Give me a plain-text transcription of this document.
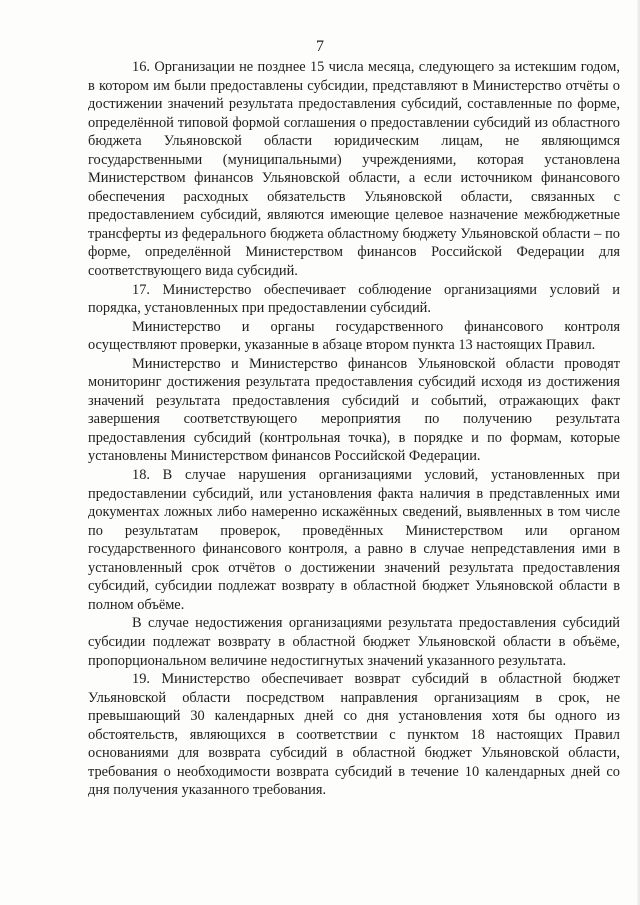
7

16. Организации не позднее 15 числа месяца, следующего за истекшим годом, в котором им были предоставлены субсидии, представляют в Министерство отчёты о достижении значений результата предоставления субсидий, составленные по форме, определённой типовой формой соглашения о предоставлении субсидий из областного бюджета Ульяновской области юридическим лицам, не являющимся государственными (муниципальными) учреждениями, которая установлена Министерством финансов Ульяновской области, а если источником финансового обеспечения расходных обязательств Ульяновской области, связанных с предоставлением субсидий, являются имеющие целевое назначение межбюджетные трансферты из федерального бюджета областному бюджету Ульяновской области – по форме, определённой Министерством финансов Российской Федерации для соответствующего вида субсидий.

17. Министерство обеспечивает соблюдение организациями условий и порядка, установленных при предоставлении субсидий.

Министерство и органы государственного финансового контроля осуществляют проверки, указанные в абзаце втором пункта 13 настоящих Правил.

Министерство и Министерство финансов Ульяновской области проводят мониторинг достижения результата предоставления субсидий исходя из достижения значений результата предоставления субсидий и событий, отражающих факт завершения соответствующего мероприятия по получению результата предоставления субсидий (контрольная точка), в порядке и по формам, которые установлены Министерством финансов Российской Федерации.

18. В случае нарушения организациями условий, установленных при предоставлении субсидий, или установления факта наличия в представленных ими документах ложных либо намеренно искажённых сведений, выявленных в том числе по результатам проверок, проведённых Министерством или органом государственного финансового контроля, а равно в случае непредставления ими в установленный срок отчётов о достижении значений результата предоставления субсидий, субсидии подлежат возврату в областной бюджет Ульяновской области в полном объёме.

В случае недостижения организациями результата предоставления субсидий субсидии подлежат возврату в областной бюджет Ульяновской области в объёме, пропорциональном величине недостигнутых значений указанного результата.

19. Министерство обеспечивает возврат субсидий в областной бюджет Ульяновской области посредством направления организациям в срок, не превышающий 30 календарных дней со дня установления хотя бы одного из обстоятельств, являющихся в соответствии с пунктом 18 настоящих Правил основаниями для возврата субсидий в областной бюджет Ульяновской области, требования о необходимости возврата субсидий в течение 10 календарных дней со дня получения указанного требования.
